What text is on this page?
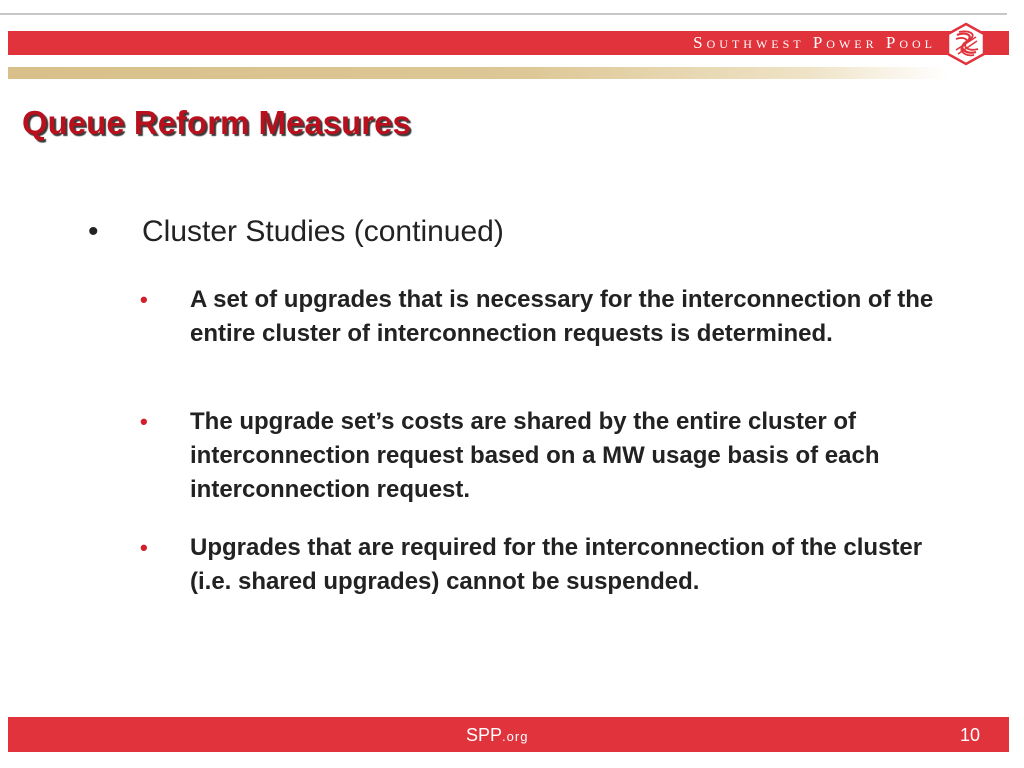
Southwest Power Pool
Queue Reform Measures
• Cluster Studies (continued)
• A set of upgrades that is necessary for the interconnection of the entire cluster of interconnection requests is determined.
• The upgrade set’s costs are shared by the entire cluster of interconnection request based on a MW usage basis of each interconnection request.
• Upgrades that are required for the interconnection of the cluster (i.e. shared upgrades) cannot be suspended.
SPP.org	10
